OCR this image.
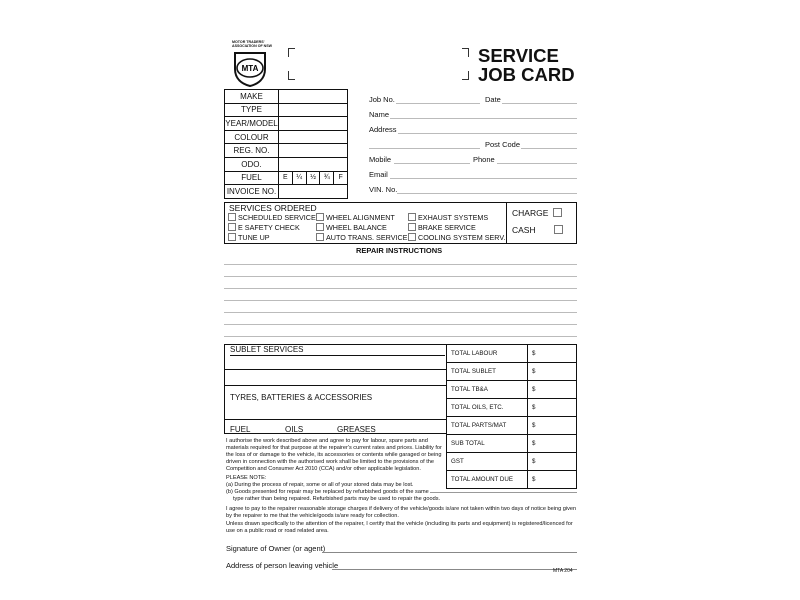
MOTOR TRADERS'
ASSOCIATION OF NSW
MTA
SERVICE
JOB CARD
MAKE	
TYPE	
YEAR/MODEL	
COLOUR	
REG. NO.	
ODO.	
FUEL		E	¼	½	¾	F

INVOICE NO.	
Job No.	Date
Name
Address
Post Code
Mobile	Phone
Email
VIN. No.
SERVICES ORDERED
SCHEDULED SERVICE
E SAFETY CHECK
TUNE UP
WHEEL ALIGNMENT
WHEEL BALANCE
AUTO TRANS. SERVICE
EXHAUST SYSTEMS
BRAKE SERVICE
COOLING SYSTEM SERV.
CHARGE
CASH
REPAIR INSTRUCTIONS
SUBLET SERVICES
TYRES, BATTERIES & ACCESSORIES
FUEL	OILS	GREASES
TOTAL LABOUR	$
TOTAL SUBLET	$
TOTAL TB&A	$
TOTAL OILS, ETC.	$
TOTAL PARTS/MAT	$
SUB TOTAL	$
GST	$
TOTAL AMOUNT DUE	$
I authorise the work described above and agree to pay for labour, spare parts and materials required for that purpose at the repairer's current rates and prices. Liability for the loss of or damage to the vehicle, its accessories or contents while garaged or being driven in connection with the authorised work shall be limited to the provisions of the Competition and Consumer Act 2010 (CCA) and/or other applicable legislation.
PLEASE NOTE:
(a) During the process of repair, some or all of your stored data may be lost.
(b) Goods presented for repair may be replaced by refurbished goods of the same
type rather than being repaired. Refurbished parts may be used to repair the goods.
I agree to pay to the repairer reasonable storage charges if delivery of the vehicle/goods is/are not taken within two days of notice being given by the repairer to me that the vehicle/goods is/are ready for collection.
Unless drawn specifically to the attention of the repairer, I certify that the vehicle (including its parts and equipment) is registered/licenced for use on a public road or road related area.
Signature of Owner (or agent)
Address of person leaving vehicle
MTA 204
